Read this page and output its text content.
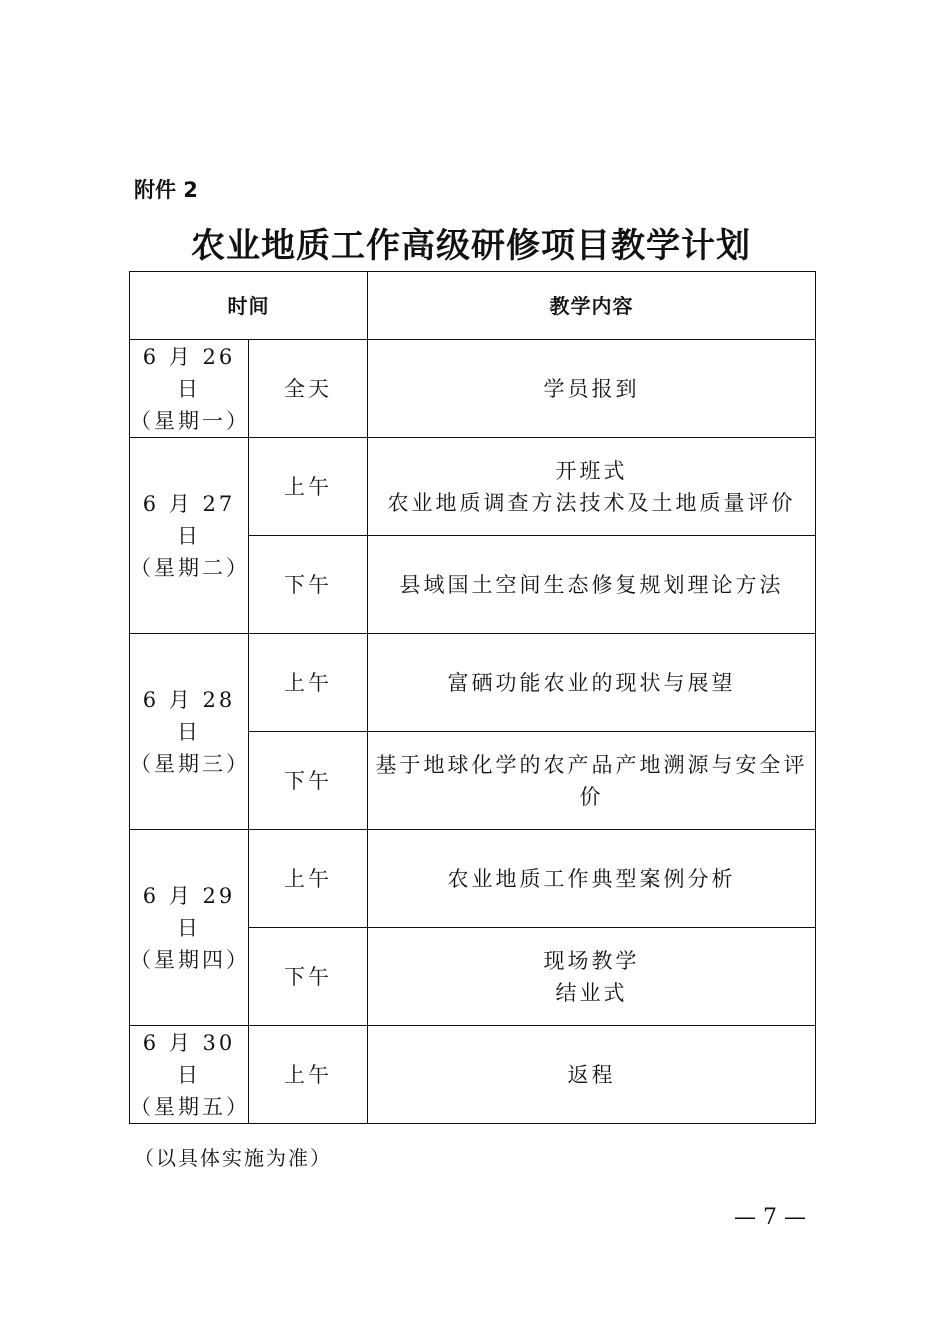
附件 2
农业地质工作高级研修项目教学计划
时间		教学内容

6 月 26 日
（星期一）	全天	学员报到

6 月 27 日
（星期二）	上午	开班式
农业地质调查方法技术及土地质量评价

	下午	县域国土空间生态修复规划理论方法

6 月 28 日
（星期三）	上午	富硒功能农业的现状与展望

	下午	基于地球化学的农产品产地溯源与安全评价

6 月 29 日
（星期四）	上午	农业地质工作典型案例分析

	下午	现场教学
结业式

6 月 30 日
（星期五）	上午	返程
（以具体实施为准）
— 7 —
